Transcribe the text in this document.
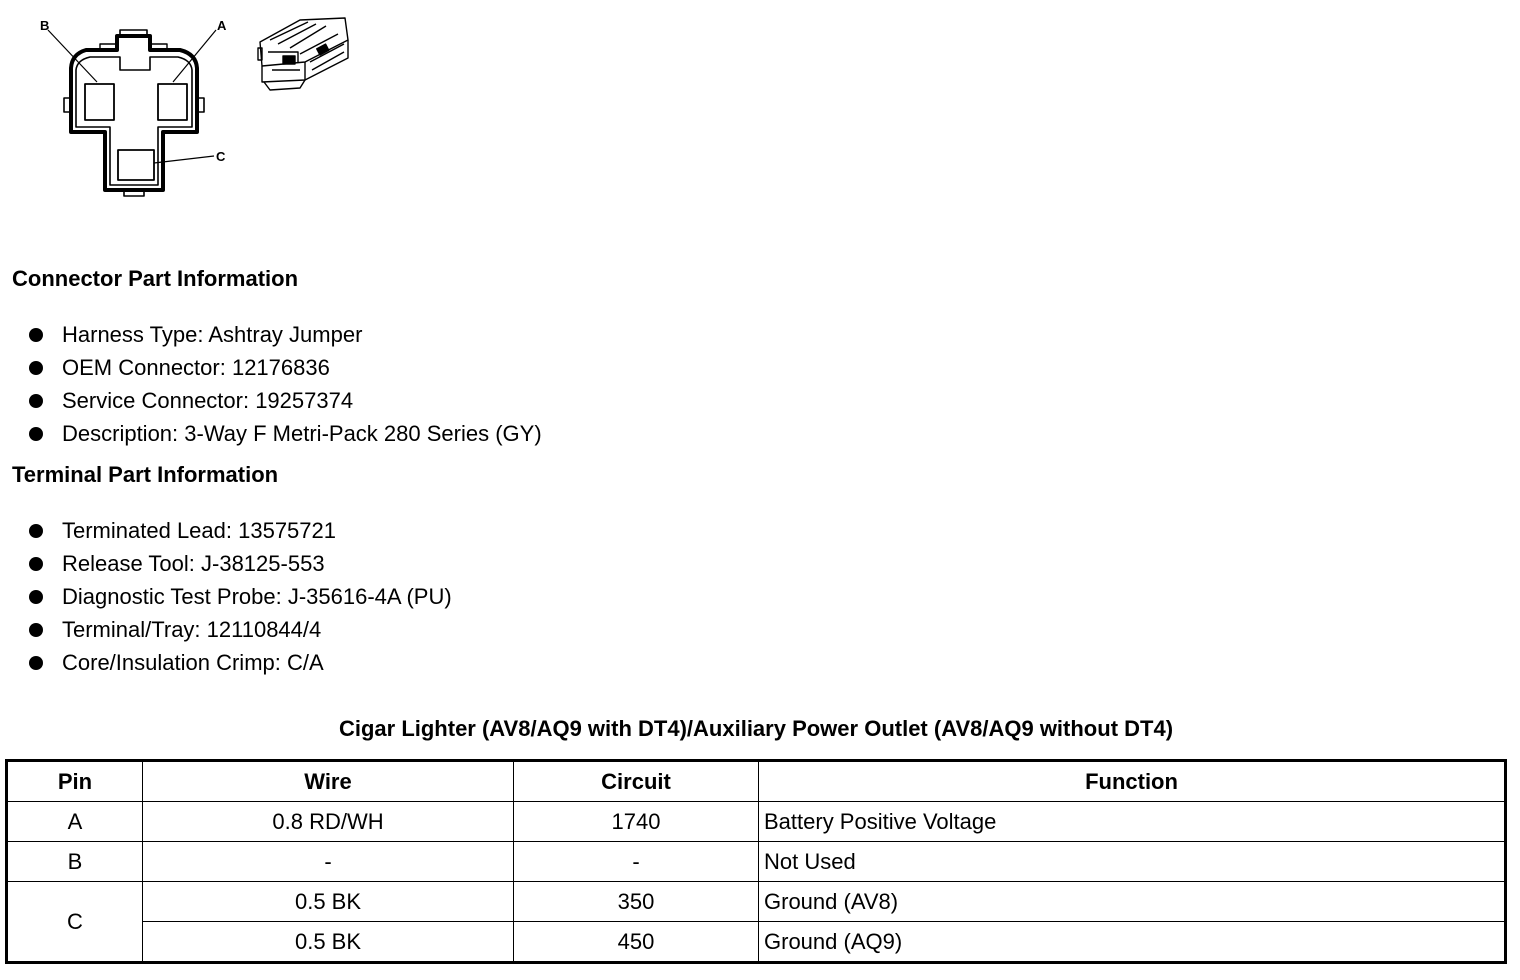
B	A
C
Connector Part Information
Harness Type: Ashtray Jumper
OEM Connector: 12176836
Service Connector: 19257374
Description: 3-Way F Metri-Pack 280 Series (GY)
Terminal Part Information
Terminated Lead: 13575721
Release Tool: J-38125-553
Diagnostic Test Probe: J-35616-4A (PU)
Terminal/Tray: 12110844/4
Core/Insulation Crimp: C/A
Cigar Lighter (AV8/AQ9 with DT4)/Auxiliary Power Outlet (AV8/AQ9 without DT4)
Pin	Wire	Circuit	Function
A	0.8 RD/WH	1740	Battery Positive Voltage
B	-	-	Not Used
C	0.5 BK	350	Ground (AV8)
	0.5 BK	450	Ground (AQ9)
